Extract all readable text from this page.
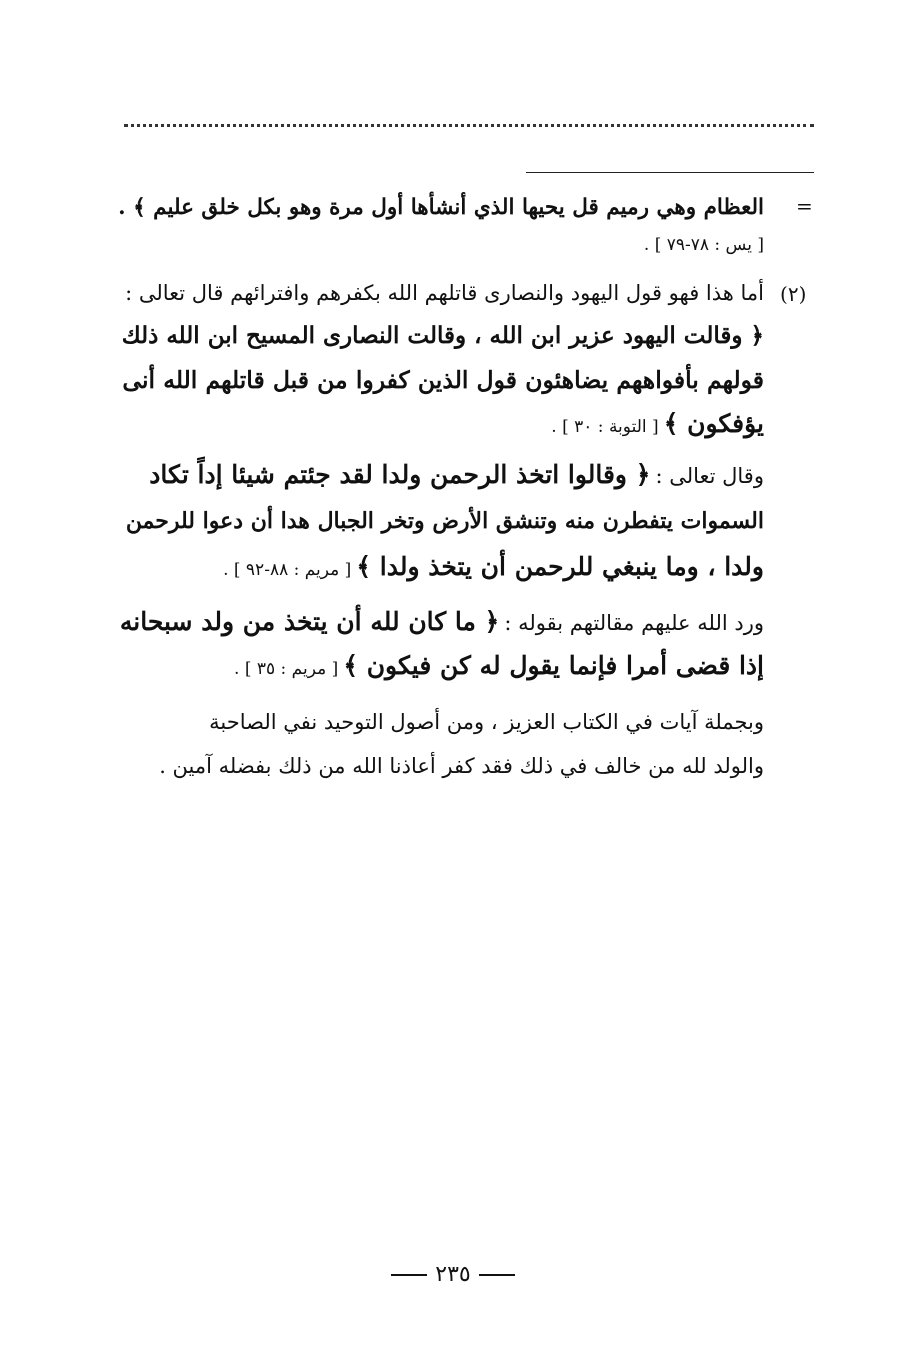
=
العظام وهي رميم قل يحيها الذي أنشأها أول مرة وهو بكل خلق عليم ﴾ .
[ يس : ٧٨-٧٩ ] .
(٢)
أما هذا فهو قول اليهود والنصارى قاتلهم الله بكفرهم وافترائهم قال تعالى :
﴿ وقالت اليهود عزير ابن الله ، وقالت النصارى المسيح ابن الله ذلك
قولهم بأفواههم يضاهئون قول الذين كفروا من قبل قاتلهم الله أنى
يؤفكون ﴾ [ التوبة : ٣٠ ] .
وقال تعالى : ﴿ وقالوا اتخذ الرحمن ولدا لقد جئتم شيئا إداً تكاد
السموات يتفطرن منه وتنشق الأرض وتخر الجبال هدا أن دعوا للرحمن
ولدا ، وما ينبغي للرحمن أن يتخذ ولدا ﴾ [ مريم : ٨٨-٩٢ ] .
ورد الله عليهم مقالتهم بقوله : ﴿ ما كان لله أن يتخذ من ولد سبحانه
إذا قضى أمرا فإنما يقول له كن فيكون ﴾ [ مريم : ٣٥ ] .
وبجملة آيات في الكتاب العزيز ، ومن أصول التوحيد نفي الصاحبة
والولد لله من خالف في ذلك فقد كفر أعاذنا الله من ذلك بفضله آمين .
٢٣٥
